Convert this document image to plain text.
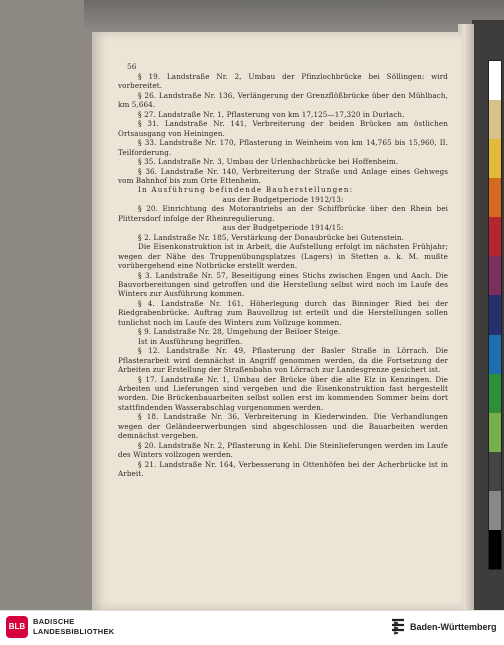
56

§ 19. Landstraße Nr. 2, Umbau der Pfinzlochbrücke bei Söllingen: wird vorbereitet.

§ 26. Landstraße Nr. 136, Verlängerung der Grenzflößbrücke über den Mühlbach, km 5,664.

§ 27. Landstraße Nr. 1, Pflasterung von km 17,125—17,320 in Durlach.

§ 31. Landstraße Nr. 141, Verbreiterung der beiden Brücken am östlichen Ortsausgang von Heiningen.

§ 33. Landstraße Nr. 170, Pflasterung in Weinheim von km 14,765 bis 15,960, II. Teilforderung.

§ 35. Landstraße Nr. 3, Umbau der Urlenbachbrücke bei Hoffenheim.

§ 36. Landstraße Nr. 140, Verbreiterung der Straße und Anlage eines Gehwegs vom Bahnhof bis zum Orte Ettenheim.

In Ausführung befindende Bauherstellungen:

aus der Budgetperiode 1912/13:

§ 20. Einrichtung des Motorantriebs an der Schiffbrücke über den Rhein bei Plittersdorf infolge der Rheinregulierung.

aus der Budgetperiode 1914/15:

§ 2. Landstraße Nr. 185, Verstärkung der Donaubrücke bei Gutenstein.

Die Eisenkonstruktion ist in Arbeit, die Aufstellung erfolgt im nächsten Frühjahr; wegen der Nähe des Truppenübungsplatzes (Lagers) in Stetten a. k. M. mußte vorübergehend eine Notbrücke erstellt werden.

§ 3. Landstraße Nr. 57, Beseitigung eines Stichs zwischen Engen und Aach. Die Bauvorbereitungen sind getroffen und die Herstellung selbst wird noch im Laufe des Winters zur Ausführung kommen.

§ 4. Landstraße Nr. 161, Höherlegung durch das Binninger Ried bei der Riedgrabenbrücke. Auftrag zum Bauvollzug ist erteilt und die Herstellungen sollen tunlichst noch im Laufe des Winters zum Vollzuge kommen.

§ 9. Landstraße Nr. 28, Umgehung der Beiloer Steige.

Ist in Ausführung begriffen.

§ 12. Landstraße Nr. 49, Pflasterung der Basler Straße in Lörrach. Die Pflasterarbeit wird demnächst in Angriff genommen werden, da die Fortsetzung der Arbeiten zur Erstellung der Straßenbahn von Lörrach zur Landesgrenze gesichert ist.

§ 17. Landstraße Nr. 1, Umbau der Brücke über die alte Elz in Kenzingen. Die Arbeiten und Lieferungen sind vergeben und die Eisenkonstruktion fast hergestellt worden. Die Brückenbauarbeiten selbst sollen erst im kommenden Sommer beim dort stattfindenden Wasserabschlag vorgenommen werden.

§ 18. Landstraße Nr. 36, Verbreiterung in Kiederwinden. Die Verhandlungen wegen der Geländeerwerbungen sind abgeschlossen und die Bauarbeiten werden demnächst vergeben.

§ 20. Landstraße Nr. 2, Pflasterung in Kehl. Die Steinlieferungen werden im Laufe des Winters vollzogen werden.

§ 21. Landstraße Nr. 164, Verbesserung in Ottenhöfen bei der Acherbrücke ist in Arbeit.

BLB
BADISCHE
LANDESBIBLIOTHEK	Baden-Württemberg
